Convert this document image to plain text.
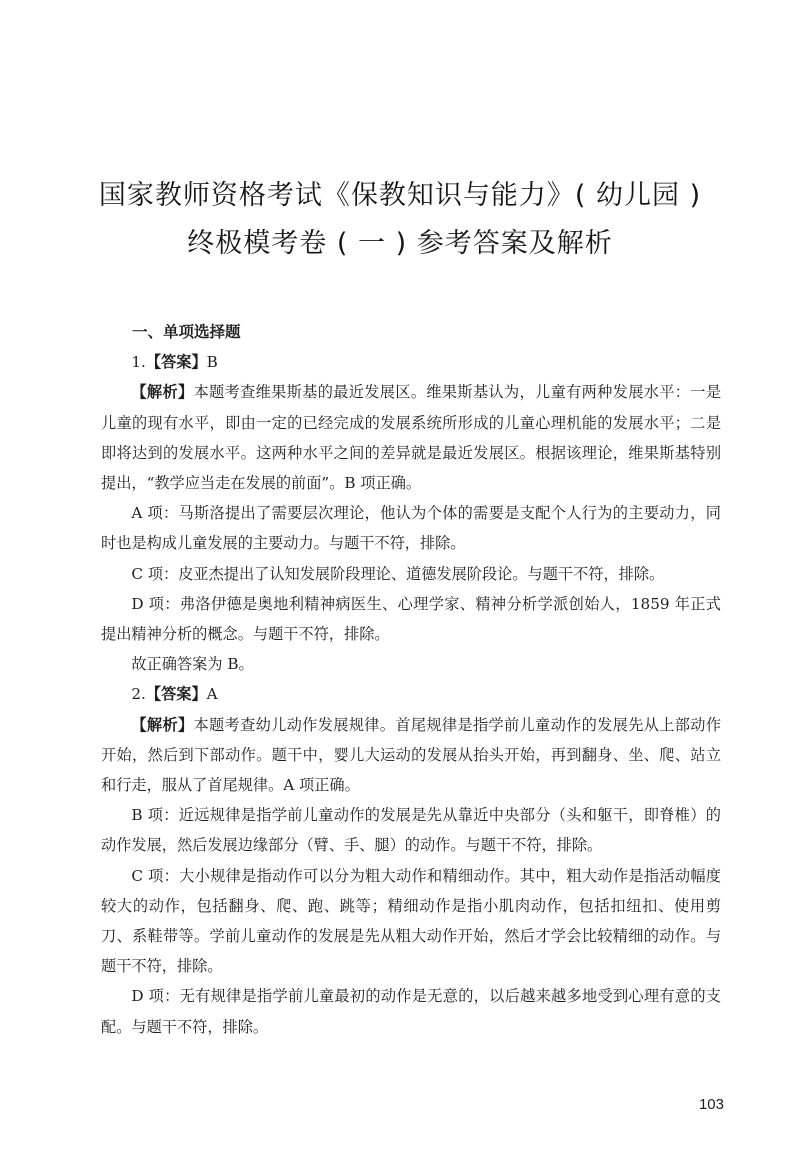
国家教师资格考试《保教知识与能力》( 幼儿园 )
终极模考卷 ( 一 ) 参考答案及解析
一、单项选择题

1.【答案】B

【解析】本题考查维果斯基的最近发展区。维果斯基认为，儿童有两种发展水平：一是儿童的现有水平，即由一定的已经完成的发展系统所形成的儿童心理机能的发展水平；二是即将达到的发展水平。这两种水平之间的差异就是最近发展区。根据该理论，维果斯基特别提出，“教学应当走在发展的前面”。B 项正确。

A 项：马斯洛提出了需要层次理论，他认为个体的需要是支配个人行为的主要动力，同时也是构成儿童发展的主要动力。与题干不符，排除。

C 项：皮亚杰提出了认知发展阶段理论、道德发展阶段论。与题干不符，排除。

D 项：弗洛伊德是奥地利精神病医生、心理学家、精神分析学派创始人，1859 年正式提出精神分析的概念。与题干不符，排除。

故正确答案为 B。

2.【答案】A

【解析】本题考查幼儿动作发展规律。首尾规律是指学前儿童动作的发展先从上部动作开始，然后到下部动作。题干中，婴儿大运动的发展从抬头开始，再到翻身、坐、爬、站立和行走，服从了首尾规律。A 项正确。

B 项：近远规律是指学前儿童动作的发展是先从靠近中央部分（头和躯干，即脊椎）的动作发展，然后发展边缘部分（臂、手、腿）的动作。与题干不符，排除。

C 项：大小规律是指动作可以分为粗大动作和精细动作。其中，粗大动作是指活动幅度较大的动作，包括翻身、爬、跑、跳等；精细动作是指小肌肉动作，包括扣纽扣、使用剪刀、系鞋带等。学前儿童动作的发展是先从粗大动作开始，然后才学会比较精细的动作。与题干不符，排除。

D 项：无有规律是指学前儿童最初的动作是无意的，以后越来越多地受到心理有意的支配。与题干不符，排除。

103
